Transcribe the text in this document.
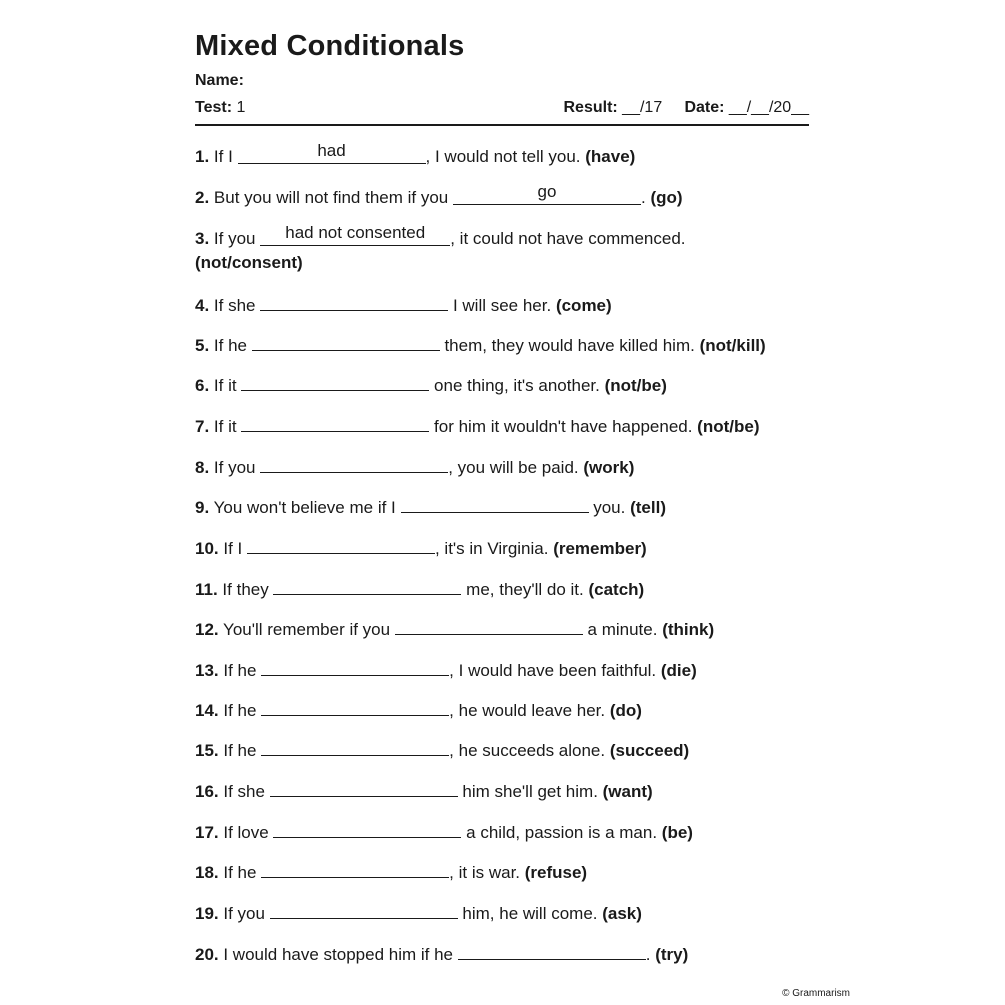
Mixed Conditionals
Name:
Test: 1	Result: __/17 Date: __/__/20__
1. If I	had	, I would not tell you. (have)
2. But you will not find them if you	go	. (go)
3. If you had not consented , it could not have commenced.
(not/consent)
4. If she	I will see her. (come)
5. If he	them, they would have killed him. (not/kill)
6. If it	one thing, it's another. (not/be)
7. If it	for him it wouldn't have happened. (not/be)
8. If you	, you will be paid. (work)
9. You won't believe me if I	you. (tell)
10. If I	, it's in Virginia. (remember)
11. If they	me, they'll do it. (catch)
12. You'll remember if you	a minute. (think)
13. If he	, I would have been faithful. (die)
14. If he	, he would leave her. (do)
15. If he	, he succeeds alone. (succeed)
16. If she	him she'll get him. (want)
17. If love	a child, passion is a man. (be)
18. If he	, it is war. (refuse)
19. If you	him, he will come. (ask)
20. I would have stopped him if he	. (try)
© Grammarism
